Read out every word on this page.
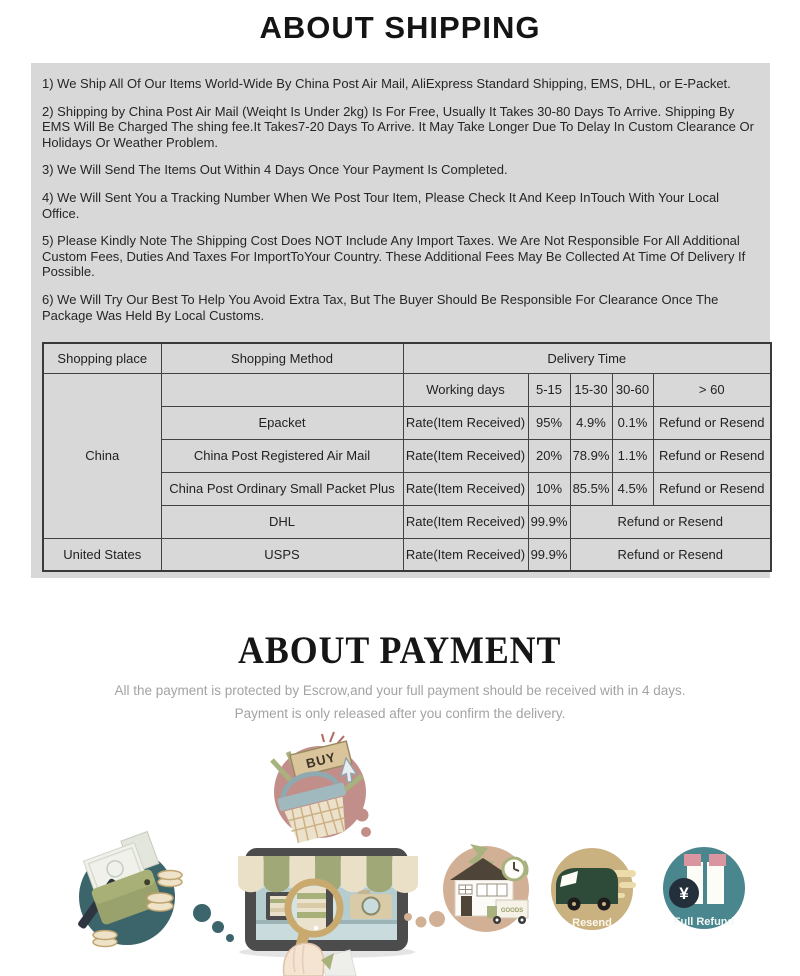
ABOUT SHIPPING

1) We Ship All Of Our Items World-Wide By China Post Air Mail, AliExpress Standard Shipping, EMS, DHL, or E-Packet.

2) Shipping by China Post Air Mail (Weiqht Is Under 2kg) Is For Free, Usually It Takes 30-80 Days To Arrive. Shipping By EMS Will Be Charged The shing fee.It Takes7-20 Days To Arrive. It May Take Longer Due To Delay In Custom Clearance Or Holidays Or Weather Problem.

3) We Will Send The Items Out Within 4 Days Once Your Payment Is Completed.

4) We Will Sent You a Tracking Number When We Post Tour Item, Please Check It And Keep InTouch With Your Local Office.

5) Please Kindly Note The Shipping Cost Does NOT Include Any Import Taxes. We Are Not Responsible For All Additional Custom Fees, Duties And Taxes For ImportToYour Country. These Additional Fees May Be Collected At Time Of Delivery If Possible.

6) We Will Try Our Best To Help You Avoid Extra Tax, But The Buyer Should Be Responsible For Clearance Once The Package Was Held By Local Customs.

Shopping place	Shopping Method	Delivery Time				
China		Working days	5-15	15-30	30-60	> 60
	Epacket	Rate(Item Received)	95%	4.9%	0.1%	Refund or Resend
	China Post Registered Air Mail	Rate(Item Received)	20%	78.9%	1.1%	Refund or Resend
	China Post Ordinary Small Packet Plus	Rate(Item Received)	10%	85.5%	4.5%	Refund or Resend
	DHL	Rate(Item Received)	99.9%	Refund or Resend		
United States	USPS	Rate(Item Received)	99.9%	Refund or Resend		
ABOUT PAYMENT

All the payment is protected by Escrow,and your full payment should be received with in 4 days.

Payment is only released after you confirm the delivery.

BUY
GOODS
Resend
¥
Full Refund
